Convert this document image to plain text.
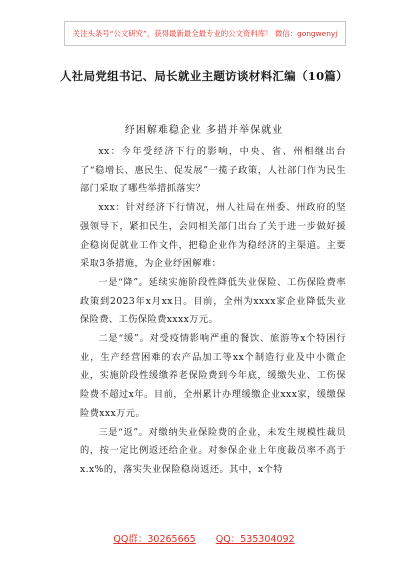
关注头条号“公文研究”，获得最新最全最专业的公文资料库！ 微信：gongwenyj
人社局党组书记、局长就业主题访谈材料汇编（10篇）
纾困解难稳企业 多措并举保就业

xx：今年受经济下行的影响，中央、省、州相继出台了“稳增长、惠民生、促发展”一揽子政策，人社部门作为民生部门采取了哪些举措抓落实？

xxx：针对经济下行情况，州人社局在州委、州政府的坚强领导下，紧扣民生，会同相关部门出台了关于进一步做好援企稳岗促就业工作文件，把稳企业作为稳经济的主渠道。主要采取3条措施，为企业纾困解难：

一是“降”。延续实施阶段性降低失业保险、工伤保险费率政策到2023年x月xx日。目前，全州为xxxx家企业降低失业保险费、工伤保险费xxxx万元。

二是“缓”。对受疫情影响严重的餐饮、旅游等x个特困行业，生产经营困难的农产品加工等xx个制造行业及中小微企业，实施阶段性缓缴养老保险费到今年底，缓缴失业、工伤保险费不超过x年。目前，全州累计办理缓缴企业xxx家，缓缴保险费xxx万元。

三是“返”。对缴纳失业保险费的企业，未发生规模性裁员的，按一定比例返还给企业。对参保企业上年度裁员率不高于x.x%的，落实失业保险稳岗返还。其中，x个特

QQ群：30265665 QQ：535304092
